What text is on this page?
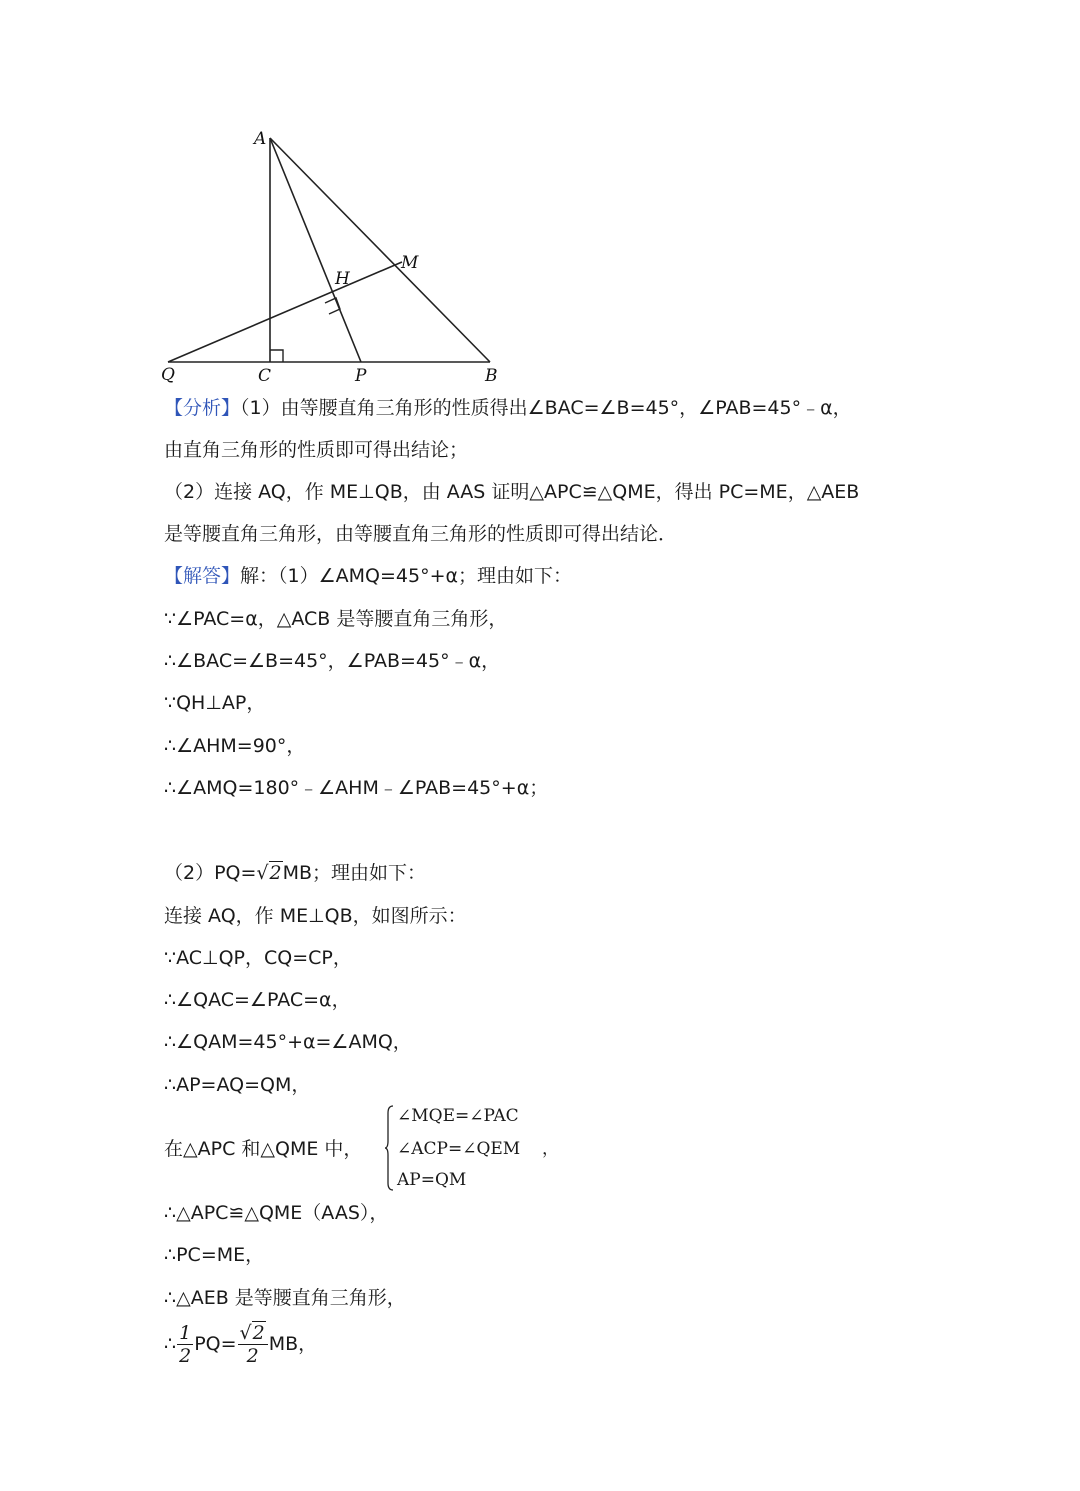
A
M
H
Q	C	P	B
【分析】（1）由等腰直角三角形的性质得出∠BAC=∠B=45°，∠PAB=45°﹣α，
由直角三角形的性质即可得出结论；
（2）连接 AQ，作 ME⊥QB，由 AAS 证明△APC≌△QME，得出 PC=ME，△AEB
是等腰直角三角形，由等腰直角三角形的性质即可得出结论．
【解答】解：（1）∠AMQ=45°+α；理由如下：
∵∠PAC=α，△ACB 是等腰直角三角形，
∴∠BAC=∠B=45°，∠PAB=45°﹣α，
∵QH⊥AP，
∴∠AHM=90°，
∴∠AMQ=180°﹣∠AHM﹣∠PAB=45°+α；
（2）PQ=√2MB；理由如下：
连接 AQ，作 ME⊥QB，如图所示：
∵AC⊥QP，CQ=CP，
∴∠QAC=∠PAC=α，
∴∠QAM=45°+α=∠AMQ，
∴AP=AQ=QM，
在△APC 和△QME 中，
∠MQE=∠PAC
∠ACP=∠QEM
AP=QM
，
∴△APC≌△QME（AAS），
∴PC=ME，
∴△AEB 是等腰直角三角形，
∴ $\frac{1}{2} PQ= \frac{√2}{2}$ MB，
